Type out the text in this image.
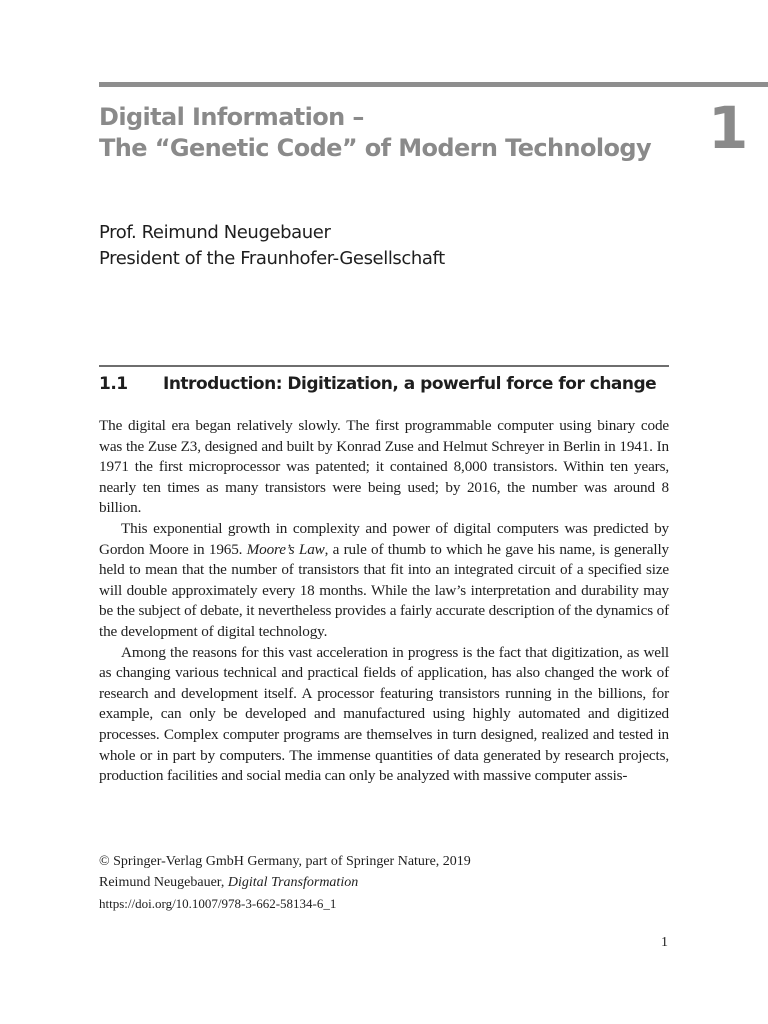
Digital Information –
The “Genetic Code” of Modern Technology 1
Prof. Reimund Neugebauer
President of the Fraunhofer-Gesellschaft
1.1 Introduction: Digitization, a powerful force for change

The digital era began relatively slowly. The first programmable computer using binary code was the Zuse Z3, designed and built by Konrad Zuse and Helmut Schreyer in Berlin in 1941. In 1971 the first microprocessor was patented; it contained 8,000 transistors. Within ten years, nearly ten times as many transistors were being used; by 2016, the number was around 8 billion.

This exponential growth in complexity and power of digital computers was predicted by Gordon Moore in 1965. Moore’s Law, a rule of thumb to which he gave his name, is generally held to mean that the number of transistors that fit into an integrated circuit of a specified size will double approximately every 18 months. While the law’s interpretation and durability may be the subject of debate, it nevertheless provides a fairly accurate description of the dynamics of the development of digital technology.

Among the reasons for this vast acceleration in progress is the fact that digitization, as well as changing various technical and practical fields of application, has also changed the work of research and development itself. A processor featuring transistors running in the billions, for example, can only be developed and manufactured using highly automated and digitized processes. Complex computer programs are themselves in turn designed, realized and tested in whole or in part by computers. The immense quantities of data generated by research projects, production facilities and social media can only be analyzed with massive computer assis-

© Springer-Verlag GmbH Germany, part of Springer Nature, 2019
Reimund Neugebauer, Digital Transformation
https://doi.org/10.1007/978-3-662-58134-6_1
1
